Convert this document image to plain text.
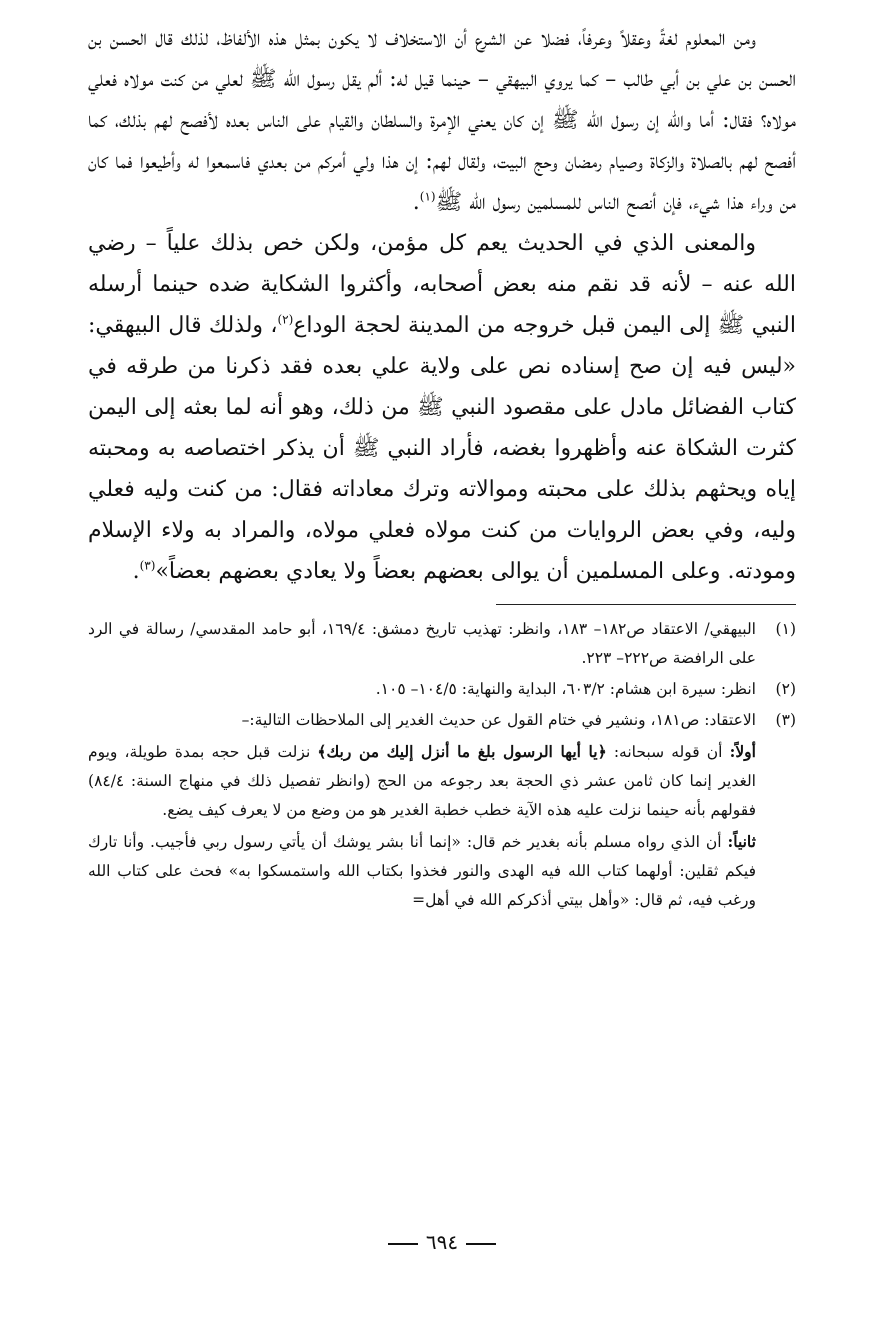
ومن المعلوم لغةً وعقلاً وعرفاً، فضلا عن الشرع أن الاستخلاف لا يكون بمثل هذه الألفاظ، لذلك قال الحسن بن الحسن بن علي بن أبي طالب – كما يروي البيهقي – حينما قيل له: ألم يقل رسول الله ﷺ لعلي من كنت مولاه فعلي مولاه؟ فقال: أما والله إن رسول الله ﷺ إن كان يعني الإمرة والسلطان والقيام على الناس بعده لأفصح لهم بذلك، كما أفصح لهم بالصلاة والزكاة وصيام رمضان وحج البيت، ولقال لهم: إن هذا ولي أمركم من بعدي فاسمعوا له وأطيعوا فما كان من وراء هذا شيء، فإن أنصح الناس للمسلمين رسول الله ﷺ$^{(١)}$.

والمعنى الذي في الحديث يعم كل مؤمن، ولكن خص بذلك علياً – رضي الله عنه – لأنه قد نقم منه بعض أصحابه، وأكثروا الشكاية ضده حينما أرسله النبي ﷺ إلى اليمن قبل خروجه من المدينة لحجة الوداع$^{(٢)}$، ولذلك قال البيهقي: «ليس فيه إن صح إسناده نص على ولاية علي بعده فقد ذكرنا من طرقه في كتاب الفضائل مادل على مقصود النبي ﷺ من ذلك، وهو أنه لما بعثه إلى اليمن كثرت الشكاة عنه وأظهروا بغضه، فأراد النبي ﷺ أن يذكر اختصاصه به ومحبته إياه ويحثهم بذلك على محبته وموالاته وترك معاداته فقال: من كنت وليه فعلي وليه، وفي بعض الروايات من كنت مولاه فعلي مولاه، والمراد به ولاء الإسلام ومودته. وعلى المسلمين أن يوالى بعضهم بعضاً ولا يعادي بعضهم بعضاً»$^{(٣)}$.

(١)

البيهقي/ الاعتقاد ص١٨٢– ١٨٣، وانظر: تهذيب تاريخ دمشق: ١٦٩/٤، أبو حامد المقدسي/ رسالة في الرد على الرافضة ص٢٢٢– ٢٢٣.

(٢)

انظر: سيرة ابن هشام: ٦٠٣/٢، البداية والنهاية: ١٠٤/٥– ١٠٥.

(٣)

الاعتقاد: ص١٨١، ونشير في ختام القول عن حديث الغدير إلى الملاحظات التالية:–

أولاً: أن قوله سبحانه: ﴿يا أيها الرسول بلغ ما أنزل إليك من ربك﴾ نزلت قبل حجه بمدة طويلة، ويوم الغدير إنما كان ثامن عشر ذي الحجة بعد رجوعه من الحج (وانظر تفصيل ذلك في منهاج السنة: ٨٤/٤) فقولهم بأنه حينما نزلت عليه هذه الآية خطب خطبة الغدير هو من وضع من لا يعرف كيف يضع.

ثانياً: أن الذي رواه مسلم بأنه بغدير خم قال: «إنما أنا بشر يوشك أن يأتي رسول ربي فأجيب. وأنا تارك فيكم ثقلين: أولهما كتاب الله فيه الهدى والنور فخذوا بكتاب الله واستمسكوا به» فحث على كتاب الله ورغب فيه، ثم قال: «وأهل بيتي أذكركم الله في أهل=

٦٩٤
